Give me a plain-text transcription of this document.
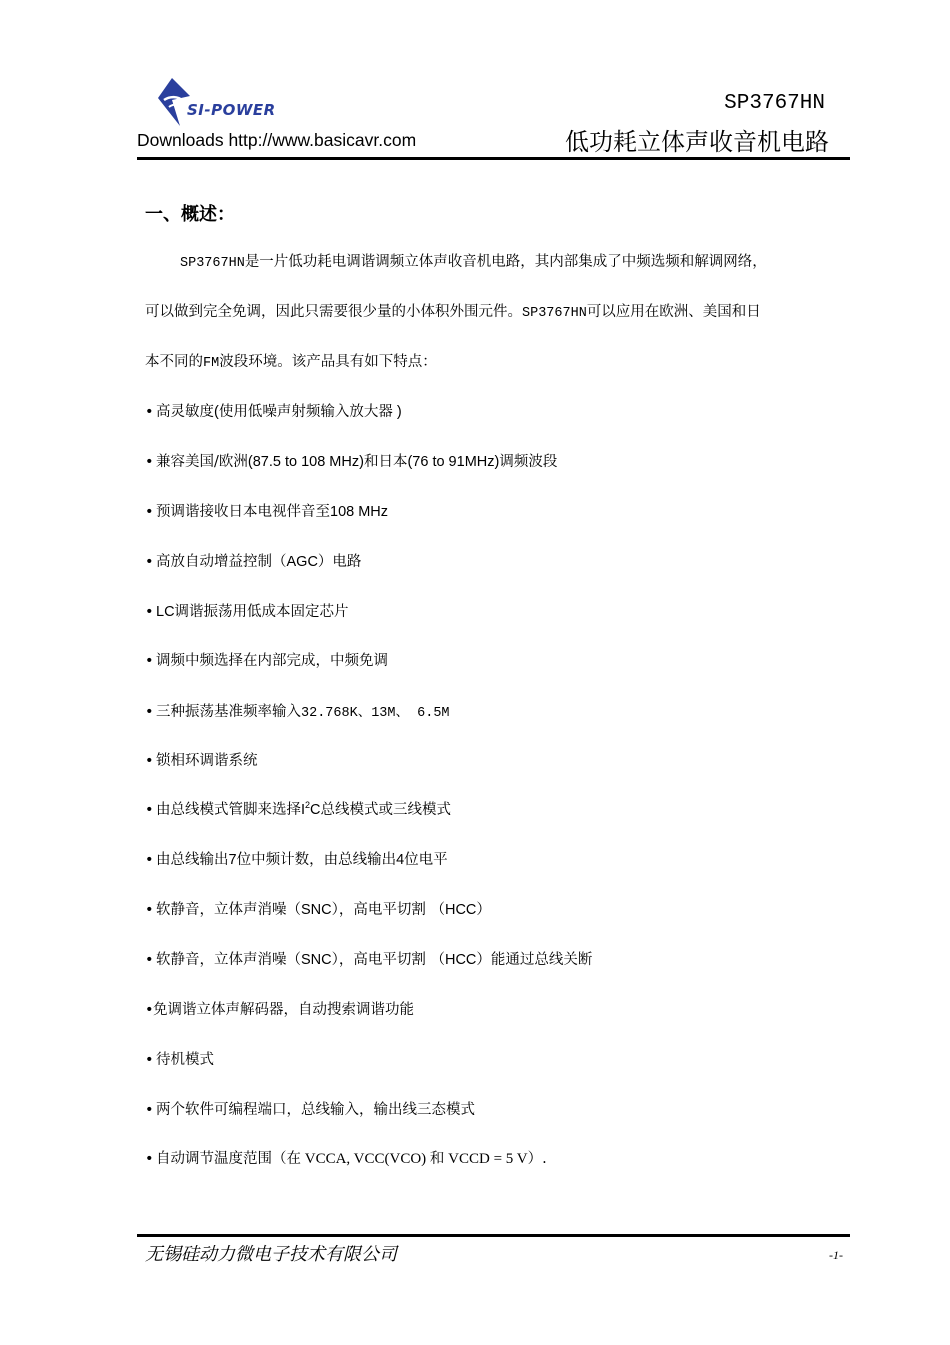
SI-POWER	SP3767HN
Downloads http://www.basicavr.com	低功耗立体声收音机电路
一、概述：
SP3767HN是一片低功耗电调谐调频立体声收音机电路，其内部集成了中频选频和解调网络，
可以做到完全免调，因此只需要很少量的小体积外围元件。SP3767HN可以应用在欧洲、美国和日
本不同的FM波段环境。该产品具有如下特点：
• 高灵敏度(使用低噪声射频输入放大器 )
• 兼容美国/欧洲(87.5 to 108 MHz)和日本(76 to 91MHz)调频波段
• 预调谐接收日本电视伴音至108 MHz
• 高放自动增益控制（AGC）电路
• LC调谐振荡用低成本固定芯片
• 调频中频选择在内部完成，中频免调
• 三种振荡基准频率输入32.768K、13M、 6.5M
• 锁相环调谐系统
• 由总线模式管脚来选择$I^2C$总线模式或三线模式
• 由总线输出7位中频计数，由总线输出4位电平
• 软静音，立体声消噪（SNC），高电平切割 （HCC）
• 软静音，立体声消噪（SNC），高电平切割 （HCC）能通过总线关断
•免调谐立体声解码器，自动搜索调谐功能
• 待机模式
• 两个软件可编程端口，总线输入，输出线三态模式
• 自动调节温度范围（在 VCCA, VCC(VCO) 和 VCCD = 5 V）.
无锡硅动力微电子技术有限公司	-1-
